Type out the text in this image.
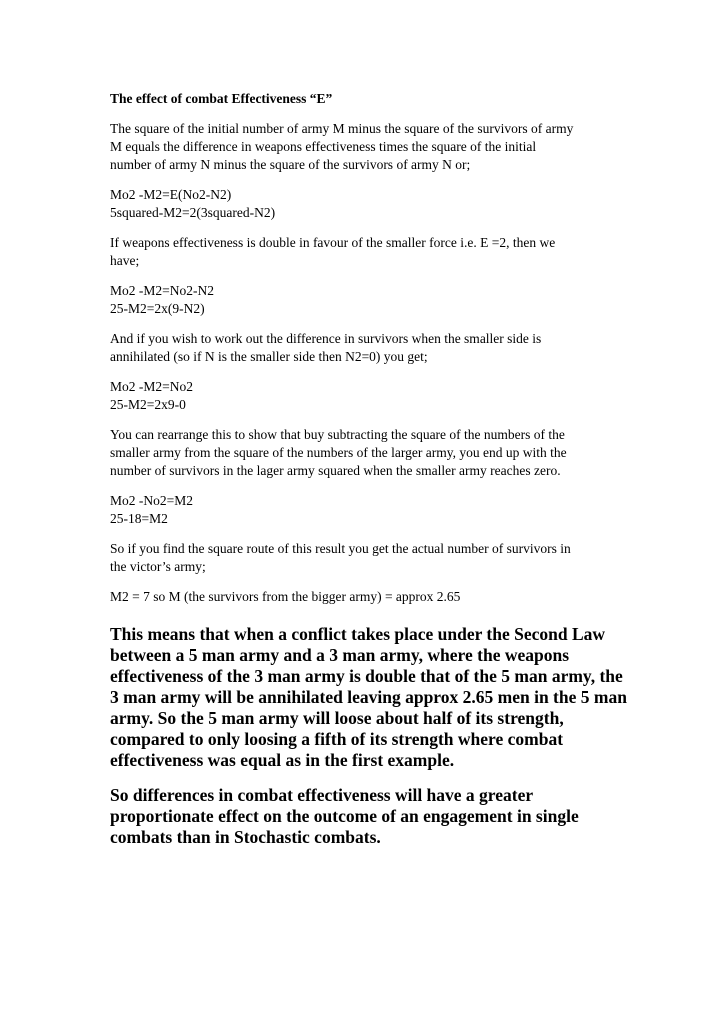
The effect of combat Effectiveness “E”
The square of the initial number of army M minus the square of the survivors of army
M equals the difference in weapons effectiveness times the square of the initial
number of army N minus the square of the survivors of army N or;
Mo2 -M2=E(No2-N2)
5squared-M2=2(3squared-N2)
If weapons effectiveness is double in favour of the smaller force i.e. E =2, then we
have;
Mo2 -M2=No2-N2
25-M2=2x(9-N2)
And if you wish to work out the difference in survivors when the smaller side is
annihilated (so if N is the smaller side then N2=0) you get;
Mo2 -M2=No2
25-M2=2x9-0
You can rearrange this to show that buy subtracting the square of the numbers of the
smaller army from the square of the numbers of the larger army, you end up with the
number of survivors in the lager army squared when the smaller army reaches zero.
Mo2 -No2=M2
25-18=M2
So if you find the square route of this result you get the actual number of survivors in
the victor’s army;
M2 = 7 so M (the survivors from the bigger army) = approx 2.65
This means that when a conflict takes place under the Second Law
between a 5 man army and a 3 man army, where the weapons
effectiveness of the 3 man army is double that of the 5 man army, the
3 man army will be annihilated leaving approx 2.65 men in the 5 man
army. So the 5 man army will loose about half of its strength,
compared to only loosing a fifth of its strength where combat
effectiveness was equal as in the first example.
So differences in combat effectiveness will have a greater
proportionate effect on the outcome of an engagement in single
combats than in Stochastic combats.
